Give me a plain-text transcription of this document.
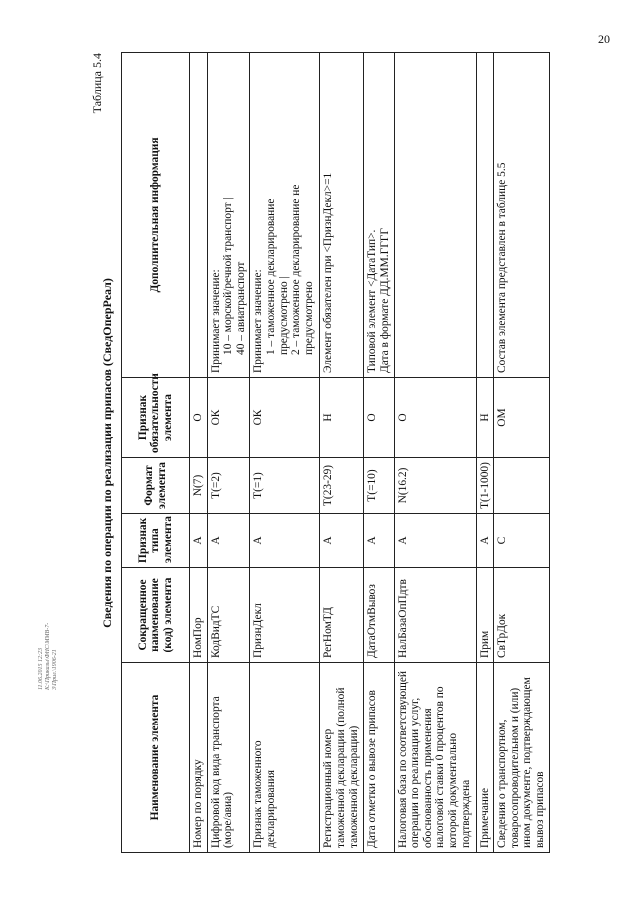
20
11.06.2015 12:23 К:\Приказы\ФНС\ММВ-7-3\Прил.\1906-21
Таблица 5.4
Сведения по операции по реализации припасов (СведОперРеал)
Наименование элемента	Сокращенное наименование (код) элемента	Признак типа элемента	Формат элемента	Признак обязательности элемента	Дополнительная информация
Номер по порядку	НомПор	А	N(7)	О	
Цифровой код вида транспорта (море/авиа)	КодВидТС	А	Т(=2)	ОК	Принимает значение: 10 – морской/речной транспорт | 40 – авиатранспорт

Признак таможенного декларирования	ПризнДекл	А	Т(=1)	ОК	Принимает значение: 1 – таможенное декларирование предусмотрено | 2 – таможенное декларирование не предусмотрено

Регистрационный номер таможенной декларации (полной таможенной декларации)	РегНомТД	А	Т(23-29)	Н	Элемент обязателен при <ПризнДекл>=1

Дата отметки о вывозе припасов	ДатаОтмВывоз	А	Т(=10)	О	Типовой элемент <ДатаТип>. Дата в формате ДД.ММ.ГГГГ

Налоговая база по соответствующей операции по реализации услуг, обоснованность применения налоговой ставки 0 процентов по которой документально подтверждена	НалБазаОпПдтв	А	N(16.2)	О	
Примечание	Прим	А	Т(1-1000)	Н	
Сведения о транспортном, товаросопроводительном и (или) ином документе, подтверждающем вывоз припасов	СвТрДок	С		ОМ	Состав элемента представлен в таблице 5.5
